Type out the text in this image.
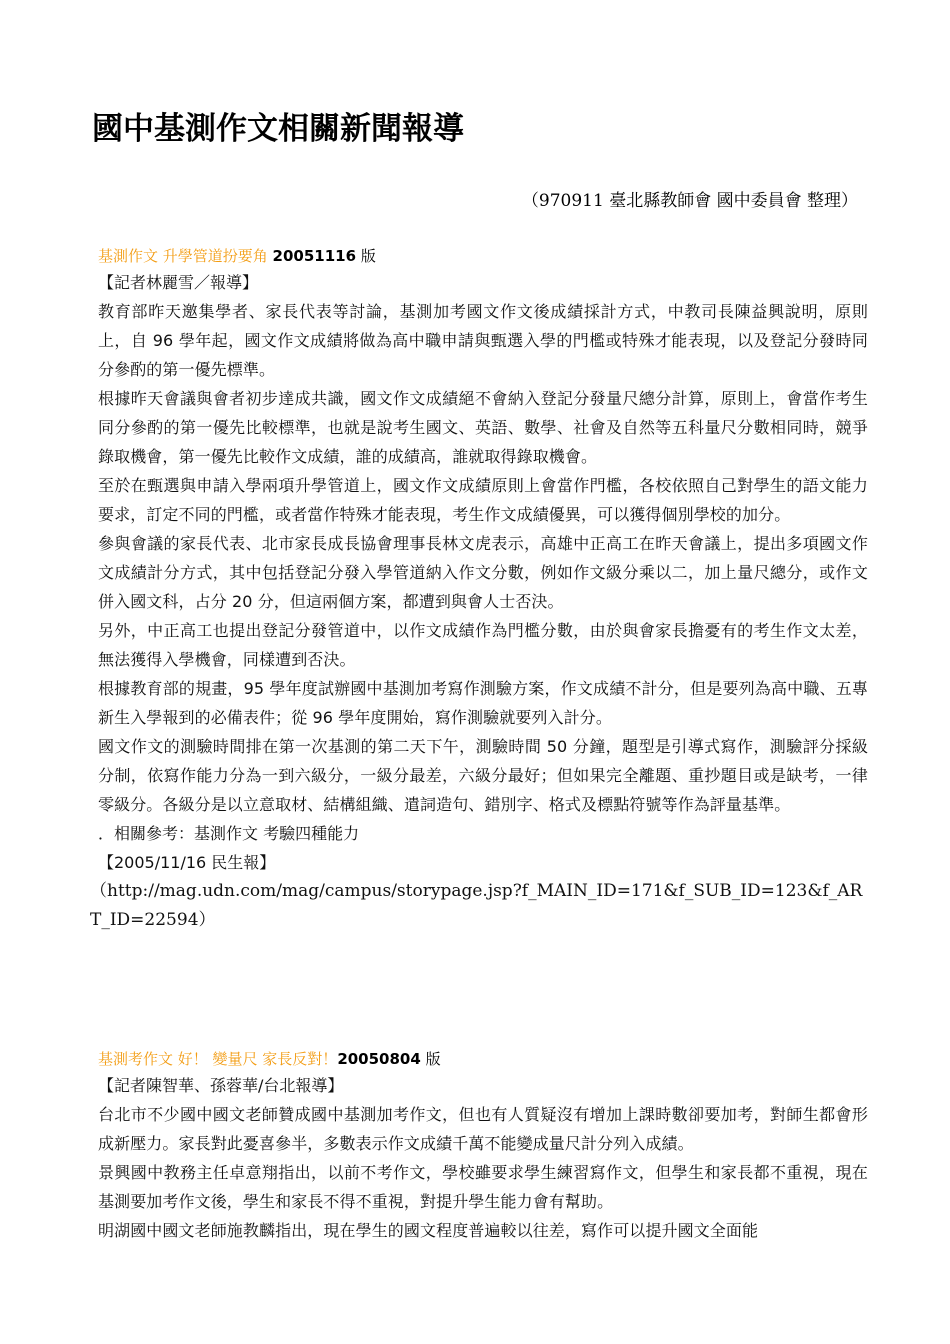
國中基測作文相關新聞報導
（970911 臺北縣教師會 國中委員會 整理）
基測作文 升學管道扮要角 20051116 版
【記者林麗雪／報導】
教育部昨天邀集學者、家長代表等討論，基測加考國文作文後成績採計方式，中教司長陳益興說明，原則上，自 96 學年起，國文作文成績將做為高中職申請與甄選入學的門檻或特殊才能表現，以及登記分發時同分參酌的第一優先標準。
根據昨天會議與會者初步達成共識，國文作文成績絕不會納入登記分發量尺總分計算，原則上，會當作考生同分參酌的第一優先比較標準，也就是說考生國文、英語、數學、社會及自然等五科量尺分數相同時，競爭錄取機會，第一優先比較作文成績，誰的成績高，誰就取得錄取機會。
至於在甄選與申請入學兩項升學管道上，國文作文成績原則上會當作門檻，各校依照自己對學生的語文能力要求，訂定不同的門檻，或者當作特殊才能表現，考生作文成績優異，可以獲得個別學校的加分。
參與會議的家長代表、北市家長成長協會理事長林文虎表示，高雄中正高工在昨天會議上，提出多項國文作文成績計分方式，其中包括登記分發入學管道納入作文分數，例如作文級分乘以二，加上量尺總分，或作文併入國文科，占分 20 分，但這兩個方案，都遭到與會人士否決。
另外，中正高工也提出登記分發管道中，以作文成績作為門檻分數，由於與會家長擔憂有的考生作文太差，無法獲得入學機會，同樣遭到否決。
根據教育部的規畫，95 學年度試辦國中基測加考寫作測驗方案，作文成績不計分，但是要列為高中職、五專新生入學報到的必備表件；從 96 學年度開始，寫作測驗就要列入計分。
國文作文的測驗時間排在第一次基測的第二天下午，測驗時間 50 分鐘，題型是引導式寫作，測驗評分採級分制，依寫作能力分為一到六級分，一級分最差，六級分最好；但如果完全離題、重抄題目或是缺考，一律零級分。各級分是以立意取材、結構組織、遣詞造句、錯別字、格式及標點符號等作為評量基準。
．相關參考：基測作文 考驗四種能力
【2005/11/16 民生報】
（http://mag.udn.com/mag/campus/storypage.jsp?f_MAIN_ID=171&f_SUB_ID=123&f_ART_ID=22594）
基測考作文 好！ 變量尺 家長反對！20050804 版
【記者陳智華、孫蓉華/台北報導】
台北市不少國中國文老師贊成國中基測加考作文，但也有人質疑沒有增加上課時數卻要加考，對師生都會形成新壓力。家長對此憂喜參半，多數表示作文成績千萬不能變成量尺計分列入成績。
景興國中教務主任卓意翔指出，以前不考作文，學校雖要求學生練習寫作文，但學生和家長都不重視，現在基測要加考作文後，學生和家長不得不重視，對提升學生能力會有幫助。
明湖國中國文老師施教麟指出，現在學生的國文程度普遍較以往差，寫作可以提升國文全面能
